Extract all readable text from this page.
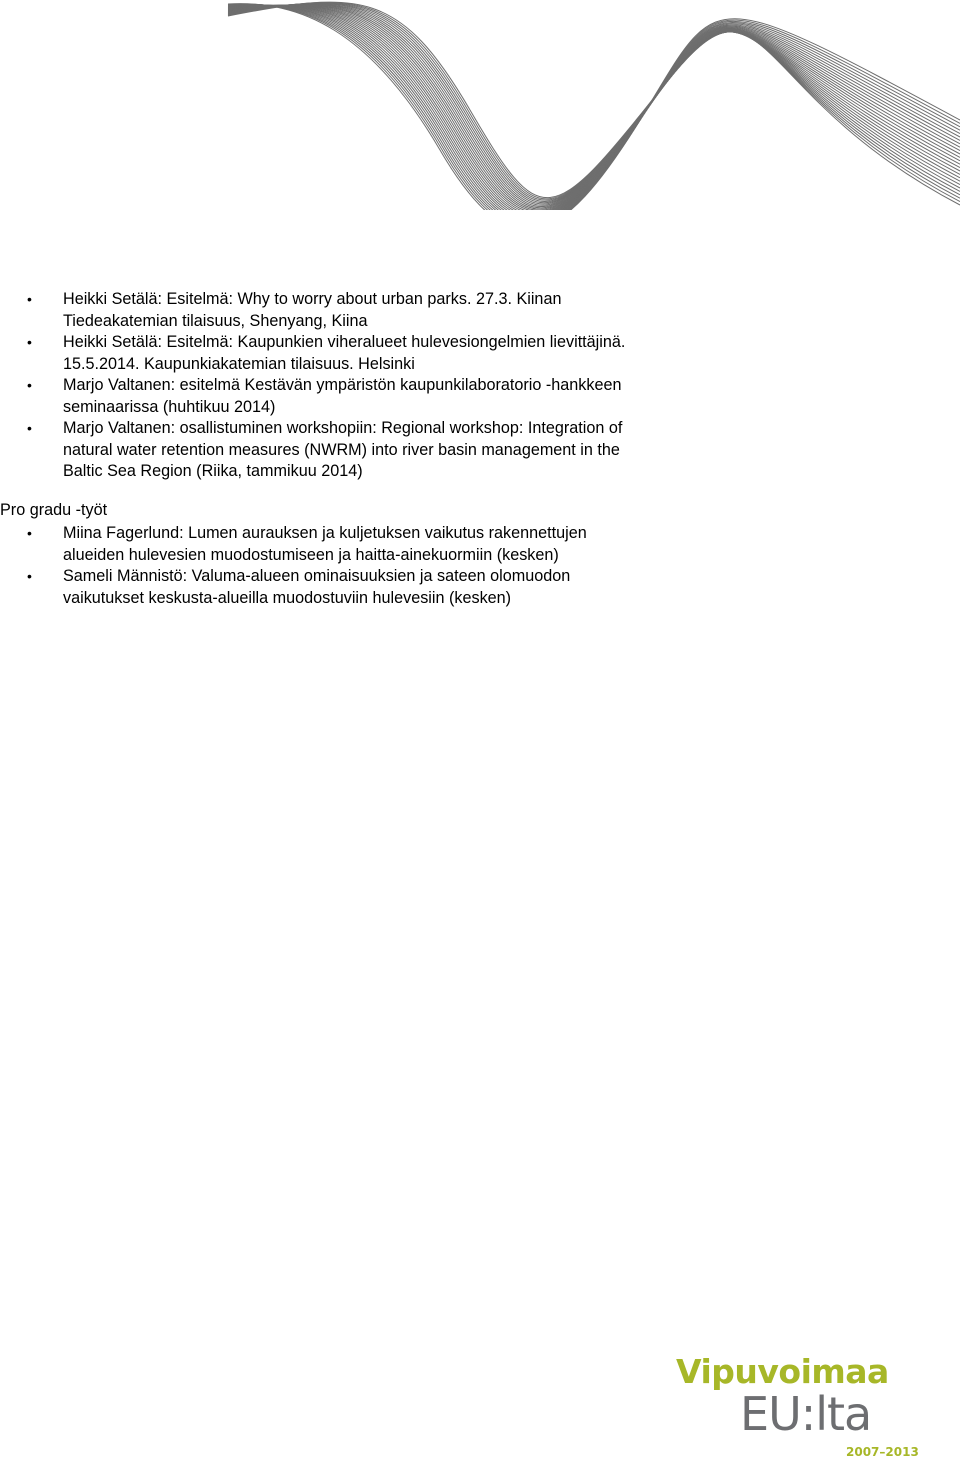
• Heikki Setälä: Esitelmä: Why to worry about urban parks. 27.3. Kiinan
Tiedeakatemian tilaisuus, Shenyang, Kiina
• Heikki Setälä: Esitelmä: Kaupunkien viheralueet hulevesiongelmien lievittäjinä.
15.5.2014. Kaupunkiakatemian tilaisuus. Helsinki
• Marjo Valtanen: esitelmä Kestävän ympäristön kaupunkilaboratorio -hankkeen
seminaarissa (huhtikuu 2014)
• Marjo Valtanen: osallistuminen workshopiin: Regional workshop: Integration of
natural water retention measures (NWRM) into river basin management in the
Baltic Sea Region (Riika, tammikuu 2014)
Pro gradu -työt
• Miina Fagerlund: Lumen aurauksen ja kuljetuksen vaikutus rakennettujen
alueiden hulevesien muodostumiseen ja haitta-ainekuormiin (kesken)
• Sameli Männistö: Valuma-alueen ominaisuuksien ja sateen olomuodon
vaikutukset keskusta-alueilla muodostuviin hulevesiin (kesken)
Vipuvoimaa
EU:lta
2007–2013
